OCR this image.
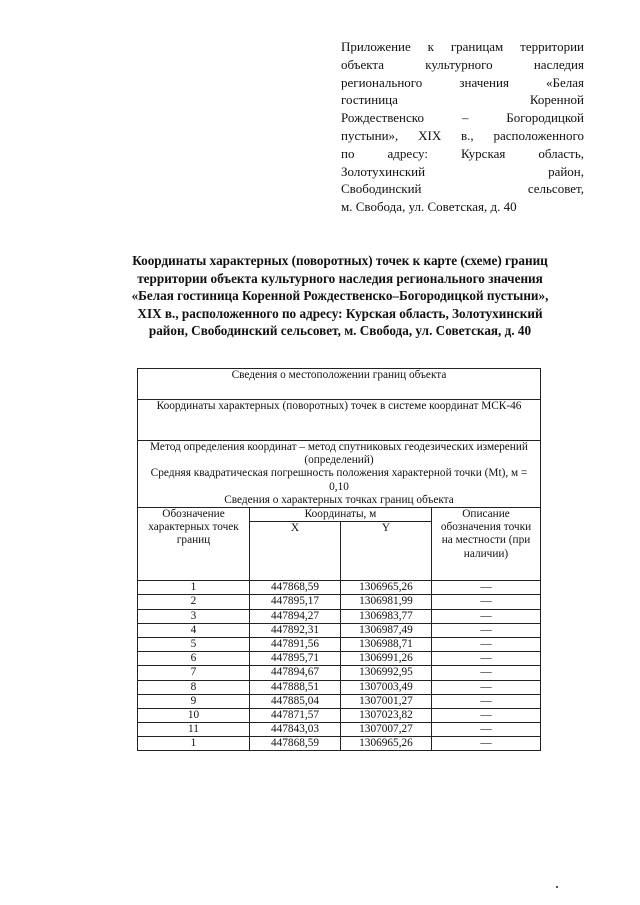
Приложение к границам территории
объекта культурного наследия
регионального значения «Белая
гостиница Коренной
Рождественско – Богородицкой
пустыни», XIX в., расположенного
по адресу: Курская область,
Золотухинский район,
Свободинский сельсовет,
м. Свобода, ул. Советская, д. 40
Координаты характерных (поворотных) точек к карте (схеме) границ
территории объекта культурного наследия регионального значения
«Белая гостиница Коренной Рождественско–Богородицкой пустыни»,
XIX в., расположенного по адресу: Курская область, Золотухинский
район, Свободинский сельсовет, м. Свобода, ул. Советская, д. 40
Сведения о местоположении границ объекта			
Координаты характерных (поворотных) точек в системе координат МСК-46			

Метод определения координат – метод спутниковых геодезических измерений (определений)
Средняя квадратическая погрешность положения характерной точки (Mt), м = 0,10
Сведения о характерных точках границ объекта			

Обозначение характерных точек границ	Координаты, м		Описание обозначения точки на местности (при наличии)
	X	Y	
1	447868,59	1306965,26	—
2	447895,17	1306981,99	—
3	447894,27	1306983,77	—
4	447892,31	1306987,49	—
5	447891,56	1306988,71	—
6	447895,71	1306991,26	—
7	447894,67	1306992,95	—
8	447888,51	1307003,49	—
9	447885,04	1307001,27	—
10	447871,57	1307023,82	—
11	447843,03	1307007,27	—
1	447868,59	1306965,26	—
